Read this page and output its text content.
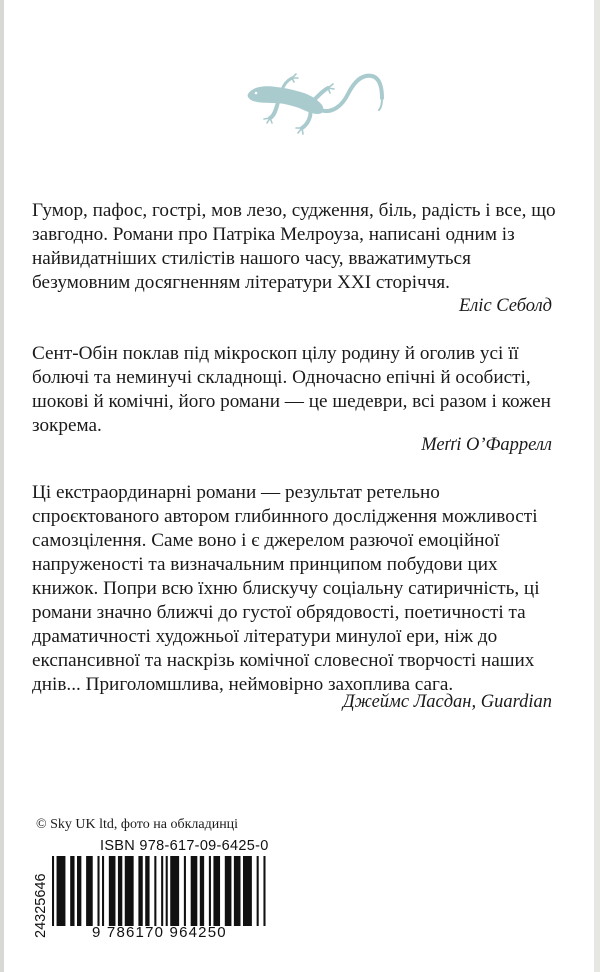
Гумор, пафос, гострі, мов лезо, судження, біль, радість і все, що завгодно. Романи про Патріка Мелроуза, написані одним із найвидатніших стилістів нашого часу, вважатимуться безумовним досягненням літератури XXI сторіччя.

Еліс Себолд

Сент-Обін поклав під мікроскоп цілу родину й оголив усі її болючі та неминучі складнощі. Одночасно епічні й особисті, шокові й комічні, його романи — це шедеври, всі разом і кожен зокрема.

Меґґі О’Фаррелл

Ці екстраординарні романи — результат ретельно спроєктованого автором глибинного дослідження можливості самозцілення. Саме воно і є джерелом разючої емоційної напруженості та визначальним принципом побудови цих книжок. Попри всю їхню блискучу соціальну сатиричність, ці романи значно ближчі до густої обрядовості, поетичності та драматичності художньої літератури минулої ери, ніж до експансивної та наскрізь комічної словесної творчості наших днів... Приголомшлива, неймовірно захоплива сага.

Джеймс Ласдан, Guardian

© Sky UK ltd, фото на обкладинці

ISBN 978-617-09-6425-0

24325646	9 786170 964250
